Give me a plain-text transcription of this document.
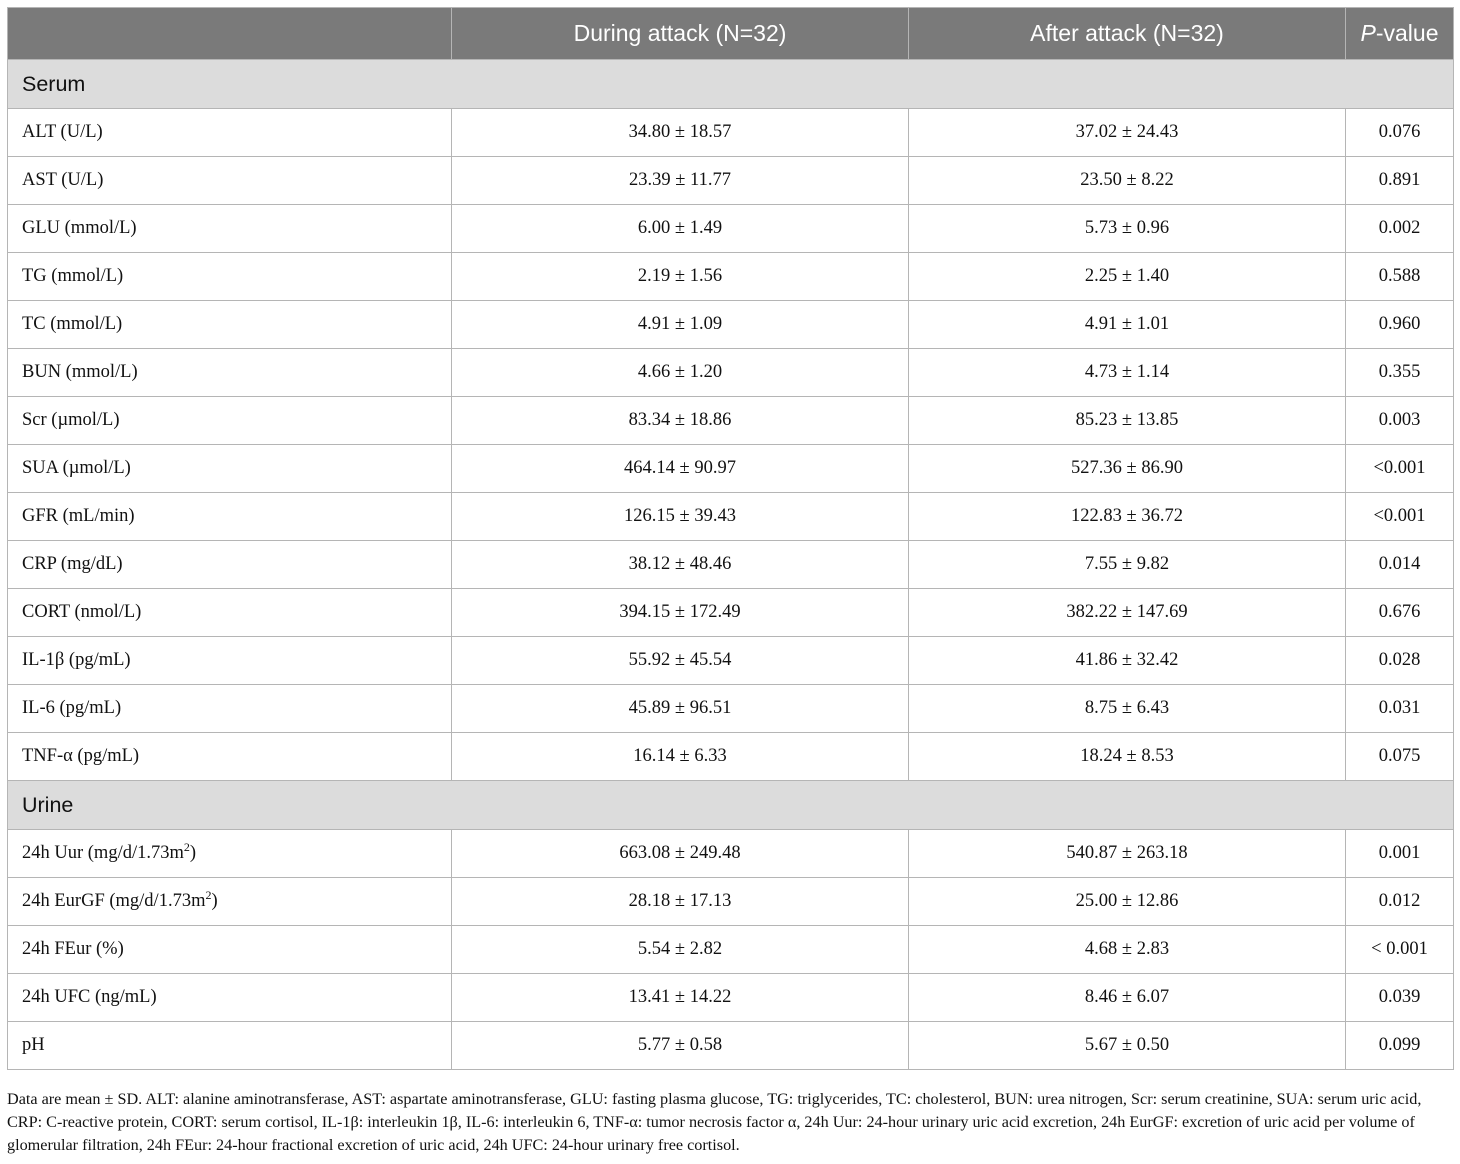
	During attack (N=32)	After attack (N=32)	P-value
Serum			
ALT (U/L)	34.80 ± 18.57	37.02 ± 24.43	0.076
AST (U/L)	23.39 ± 11.77	23.50 ± 8.22	0.891
GLU (mmol/L)	6.00 ± 1.49	5.73 ± 0.96	0.002
TG (mmol/L)	2.19 ± 1.56	2.25 ± 1.40	0.588
TC (mmol/L)	4.91 ± 1.09	4.91 ± 1.01	0.960
BUN (mmol/L)	4.66 ± 1.20	4.73 ± 1.14	0.355
Scr (µmol/L)	83.34 ± 18.86	85.23 ± 13.85	0.003
SUA (µmol/L)	464.14 ± 90.97	527.36 ± 86.90	<0.001
GFR (mL/min)	126.15 ± 39.43	122.83 ± 36.72	<0.001
CRP (mg/dL)	38.12 ± 48.46	7.55 ± 9.82	0.014
CORT (nmol/L)	394.15 ± 172.49	382.22 ± 147.69	0.676
IL-1β (pg/mL)	55.92 ± 45.54	41.86 ± 32.42	0.028
IL-6 (pg/mL)	45.89 ± 96.51	8.75 ± 6.43	0.031
TNF-α (pg/mL)	16.14 ± 6.33	18.24 ± 8.53	0.075
Urine			
24h Uur $(mg/d/1.73m^2)$	663.08 ± 249.48	540.87 ± 263.18	0.001
24h EurGF $(mg/d/1.73m^2)$	28.18 ± 17.13	25.00 ± 12.86	0.012
24h FEur (%)	5.54 ± 2.82	4.68 ± 2.83	< 0.001
24h UFC (ng/mL)	13.41 ± 14.22	8.46 ± 6.07	0.039
pH	5.77 ± 0.58	5.67 ± 0.50	0.099
Data are mean ± SD. ALT: alanine aminotransferase, AST: aspartate aminotransferase, GLU: fasting plasma glucose, TG: triglycerides, TC: cholesterol, BUN: urea nitrogen, Scr: serum creatinine, SUA: serum uric acid, CRP: C-reactive protein, CORT: serum cortisol, IL-1β: interleukin 1β, IL-6: interleukin 6, TNF-α: tumor necrosis factor α, 24h Uur: 24-hour urinary uric acid excretion, 24h EurGF: excretion of uric acid per volume of glomerular filtration, 24h FEur: 24-hour fractional excretion of uric acid, 24h UFC: 24-hour urinary free cortisol.
